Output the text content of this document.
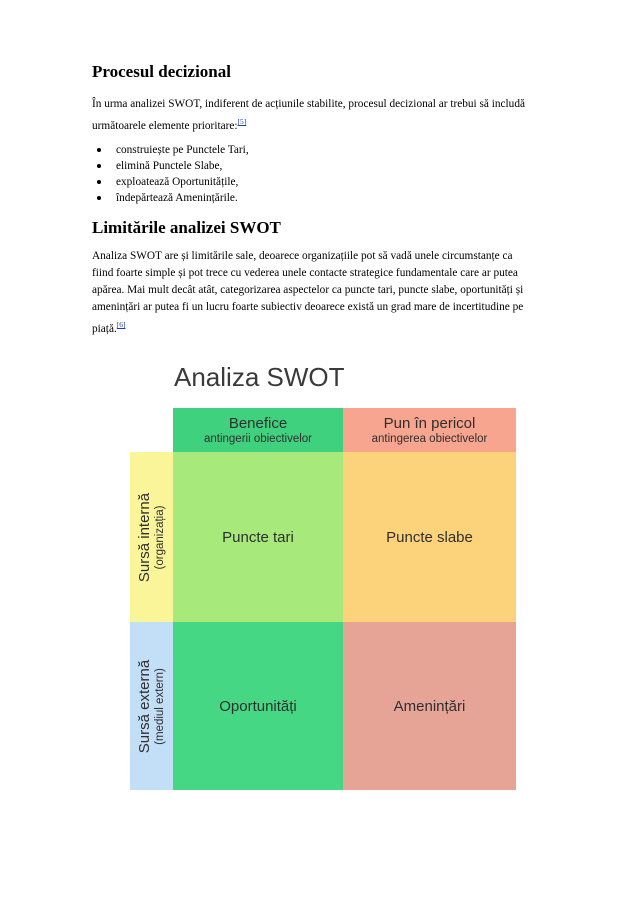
Procesul decizional
În urma analizei SWOT, indiferent de acțiunile stabilite, procesul decizional ar trebui să includă
următoarele elemente prioritare:[5]
construiește pe Punctele Tari,
elimină Punctele Slabe,
exploatează Oportunitățile,
îndepărtează Amenințările.
Limitările analizei SWOT
Analiza SWOT are și limitările sale, deoarece organizațiile pot să vadă unele circumstanțe ca
fiind foarte simple și pot trece cu vederea unele contacte strategice fundamentale care ar putea
apărea. Mai mult decât atât, categorizarea aspectelor ca puncte tari, puncte slabe, oportunități și
amenințări ar putea fi un lucru foarte subiectiv deoarece există un grad mare de incertitudine pe
piață.[6]
Analiza SWOT
Benefice
antingerii obiectivelor
Pun în pericol
antingerea obiectivelor
Sursă internă (organizația)
Sursă externă (mediul extern)
Puncte tari	Puncte slabe
Oportunități	Amenințări
